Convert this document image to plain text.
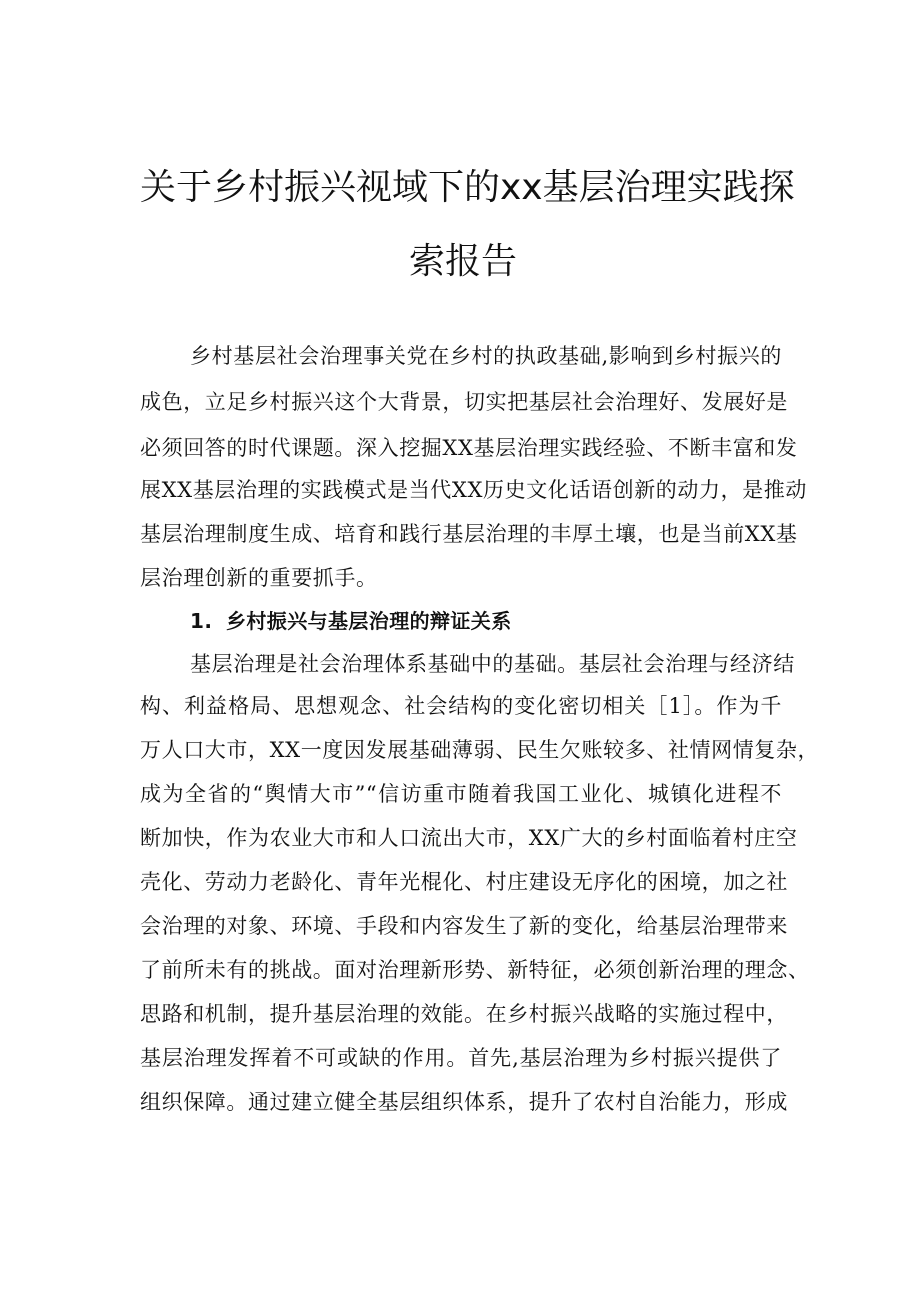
关于乡村振兴视域下的xx基层治理实践探
索报告
乡村基层社会治理事关党在乡村的执政基础,影响到乡村振兴的
成色，立足乡村振兴这个大背景，切实把基层社会治理好、发展好是
必须回答的时代课题。深入挖掘XX基层治理实践经验、不断丰富和发
展XX基层治理的实践模式是当代XX历史文化话语创新的动力，是推动
基层治理制度生成、培育和践行基层治理的丰厚土壤，也是当前XX基
层治理创新的重要抓手。
1. 乡村振兴与基层治理的辩证关系
基层治理是社会治理体系基础中的基础。基层社会治理与经济结
构、利益格局、思想观念、社会结构的变化密切相关［1］。作为千
万人口大市，XX一度因发展基础薄弱、民生欠账较多、社情网情复杂，
成为全省的“舆情大市”“信访重市随着我国工业化、城镇化进程不
断加快，作为农业大市和人口流出大市，XX广大的乡村面临着村庄空
壳化、劳动力老龄化、青年光棍化、村庄建设无序化的困境，加之社
会治理的对象、环境、手段和内容发生了新的变化，给基层治理带来
了前所未有的挑战。面对治理新形势、新特征，必须创新治理的理念、
思路和机制，提升基层治理的效能。在乡村振兴战略的实施过程中，
基层治理发挥着不可或缺的作用。首先,基层治理为乡村振兴提供了
组织保障。通过建立健全基层组织体系，提升了农村自治能力，形成
